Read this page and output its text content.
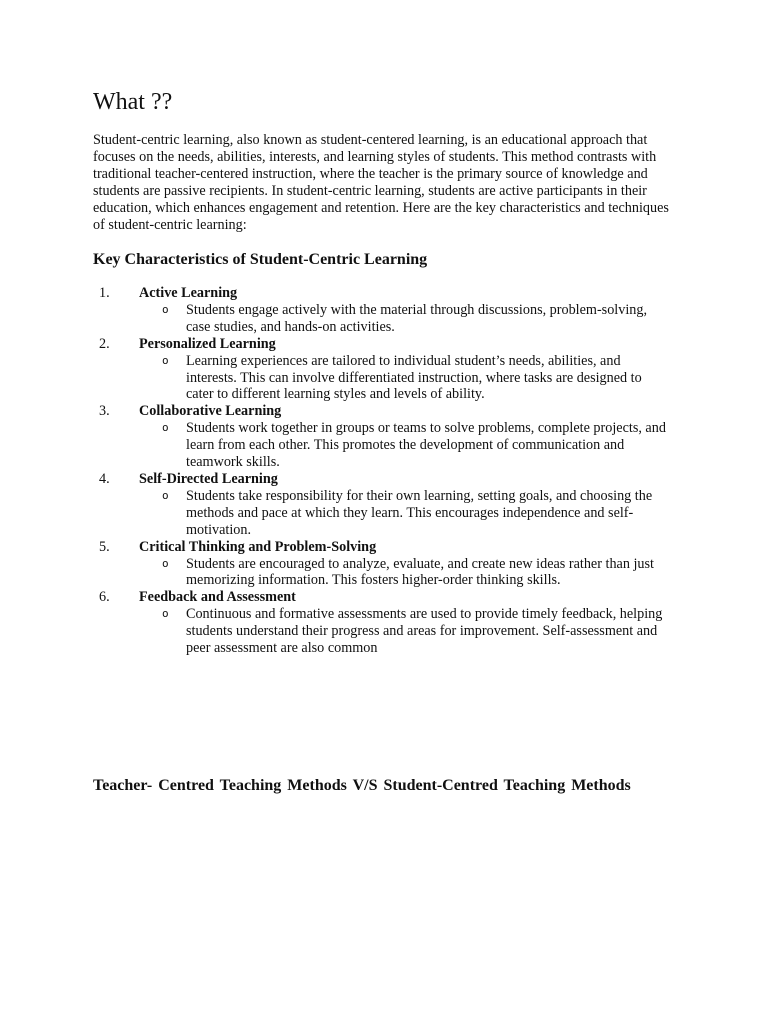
What ??

Student-centric learning, also known as student-centered learning, is an educational approach that focuses on the needs, abilities, interests, and learning styles of students. This method contrasts with traditional teacher-centered instruction, where the teacher is the primary source of knowledge and students are passive recipients. In student-centric learning, students are active participants in their education, which enhances engagement and retention. Here are the key characteristics and techniques of student-centric learning:

Key Characteristics of Student-Centric Learning
1.	Active Learning
o	Students engage actively with the material through discussions, problem-solving, case studies, and hands-on activities.
2.	Personalized Learning
o	Learning experiences are tailored to individual student’s needs, abilities, and interests. This can involve differentiated instruction, where tasks are designed to cater to different learning styles and levels of ability.
3.	Collaborative Learning
o	Students work together in groups or teams to solve problems, complete projects, and learn from each other. This promotes the development of communication and teamwork skills.
4.	Self-Directed Learning
o	Students take responsibility for their own learning, setting goals, and choosing the methods and pace at which they learn. This encourages independence and self-motivation.
5.	Critical Thinking and Problem-Solving
o	Students are encouraged to analyze, evaluate, and create new ideas rather than just memorizing information. This fosters higher-order thinking skills.
6.	Feedback and Assessment
o	Continuous and formative assessments are used to provide timely feedback, helping students understand their progress and areas for improvement. Self-assessment and peer assessment are also common
Teacher- Centred Teaching Methods V/S Student-Centred Teaching Methods
